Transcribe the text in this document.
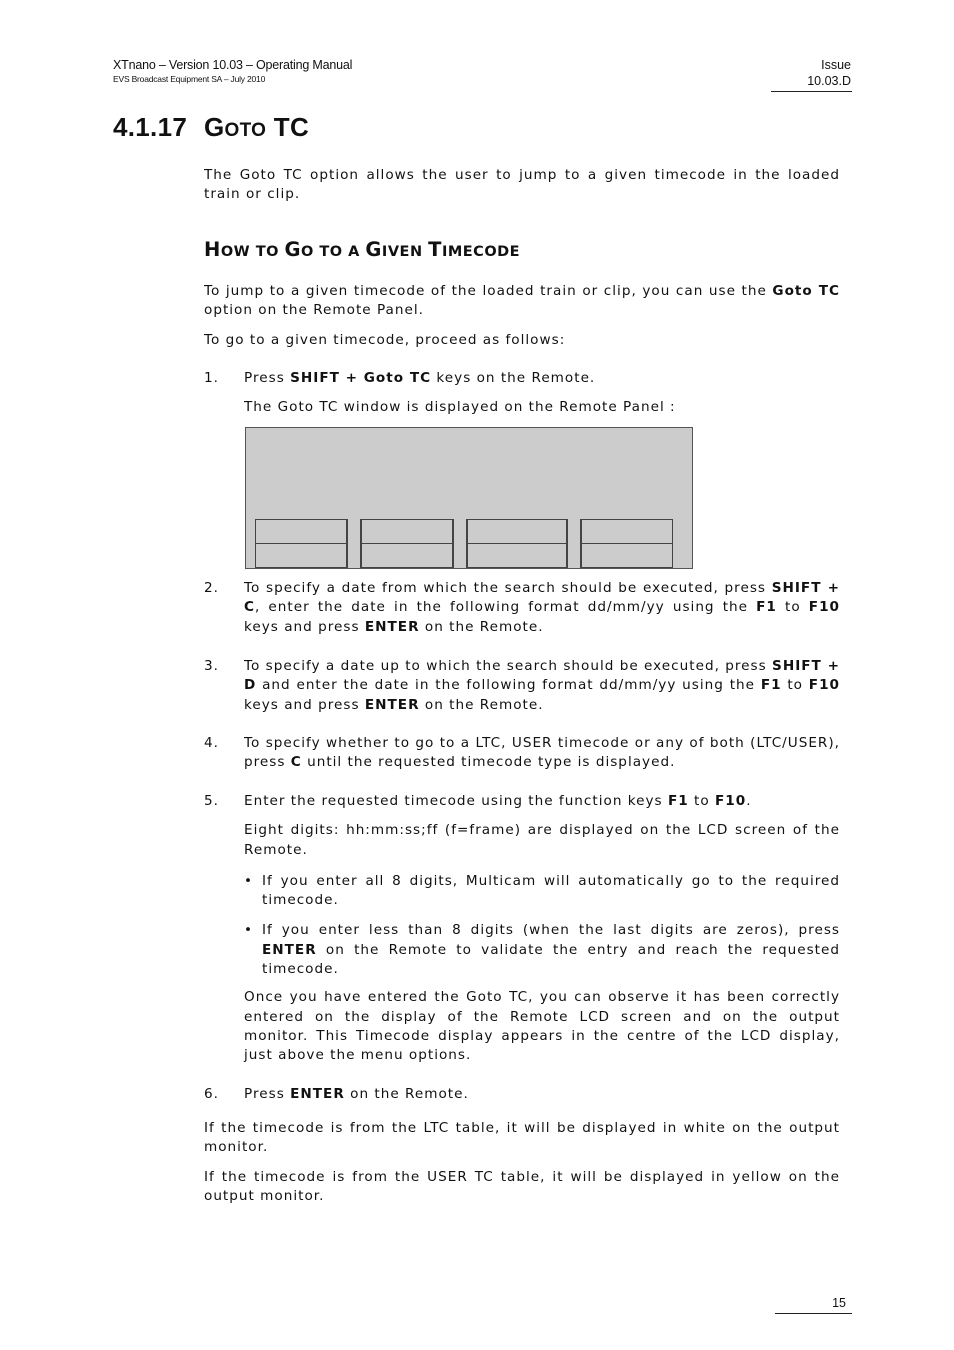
XTnano – Version 10.03 – Operating Manual
EVS Broadcast Equipment SA – July 2010
Issue
10.03.D
4.1.17 GOTO TC

The Goto TC option allows the user to jump to a given timecode in the loaded train or clip.

HOW TO GO TO A GIVEN TIMECODE

To jump to a given timecode of the loaded train or clip, you can use the Goto TC option on the Remote Panel.

To go to a given timecode, proceed as follows:

1. Press SHIFT + Goto TC keys on the Remote.

The Goto TC window is displayed on the Remote Panel :

2. To specify a date from which the search should be executed, press SHIFT + C, enter the date in the following format dd/mm/yy using the F1 to F10 keys and press ENTER on the Remote.

3. To specify a date up to which the search should be executed, press SHIFT + D and enter the date in the following format dd/mm/yy using the F1 to F10 keys and press ENTER on the Remote.

4. To specify whether to go to a LTC, USER timecode or any of both (LTC/USER), press C until the requested timecode type is displayed.

5. Enter the requested timecode using the function keys F1 to F10.

Eight digits: hh:mm:ss;ff (f=frame) are displayed on the LCD screen of the Remote.

• If you enter all 8 digits, Multicam will automatically go to the required timecode.
• If you enter less than 8 digits (when the last digits are zeros), press ENTER on the Remote to validate the entry and reach the requested timecode.

Once you have entered the Goto TC, you can observe it has been correctly entered on the display of the Remote LCD screen and on the output monitor. This Timecode display appears in the centre of the LCD display, just above the menu options.

6. Press ENTER on the Remote.

If the timecode is from the LTC table, it will be displayed in white on the output monitor.

If the timecode is from the USER TC table, it will be displayed in yellow on the output monitor.

15
